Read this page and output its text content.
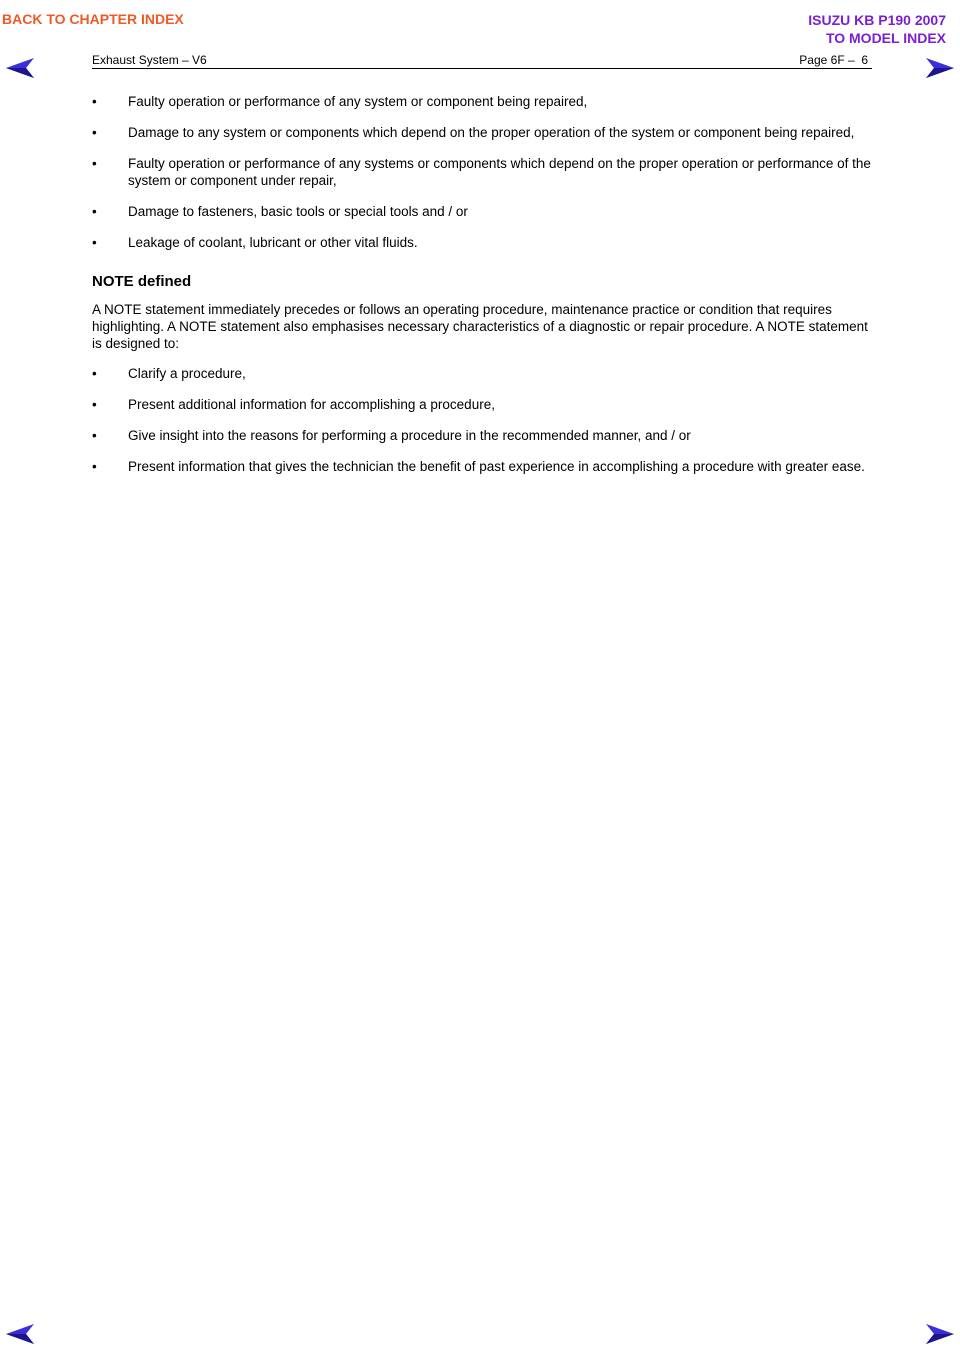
BACK TO CHAPTER INDEX	ISUZU KB P190 2007
TO MODEL INDEX
Exhaust System – V6	Page 6F –  6
•	Faulty operation or performance of any system or component being repaired,
•	Damage to any system or components which depend on the proper operation of the system or component being repaired,
•	Faulty operation or performance of any systems or components which depend on the proper operation or performance of the system or component under repair,
•	Damage to fasteners, basic tools or special tools and / or
•	Leakage of coolant, lubricant or other vital fluids.
NOTE defined
A NOTE statement immediately precedes or follows an operating procedure, maintenance practice or condition that requires highlighting. A NOTE statement also emphasises necessary characteristics of a diagnostic or repair procedure. A NOTE statement is designed to:
•	Clarify a procedure,
•	Present additional information for accomplishing a procedure,
•	Give insight into the reasons for performing a procedure in the recommended manner, and / or
•	Present information that gives the technician the benefit of past experience in accomplishing a procedure with greater ease.
